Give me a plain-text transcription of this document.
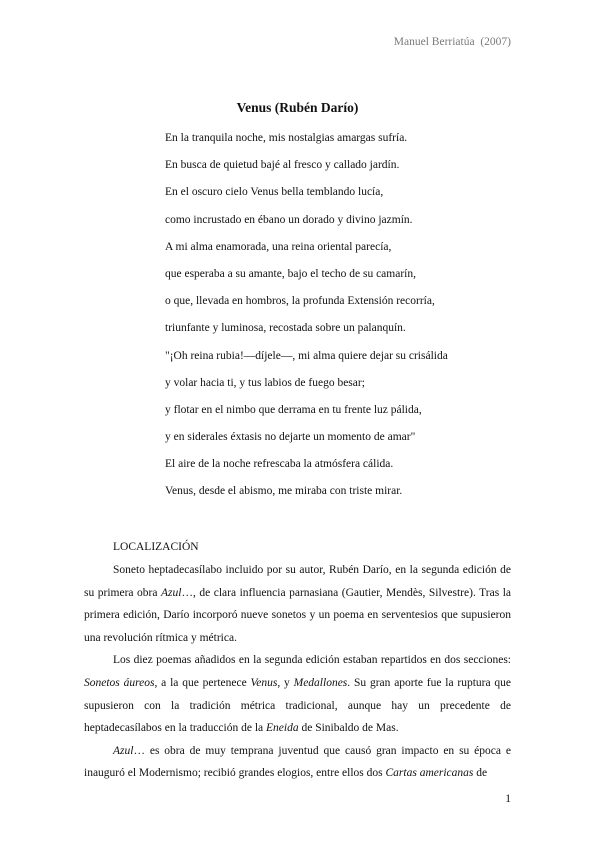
Manuel Berriatúa  (2007)
Venus (Rubén Darío)
En la tranquila noche, mis nostalgias amargas sufría.
En busca de quietud bajé al fresco y callado jardín.
En el oscuro cielo Venus bella temblando lucía,
como incrustado en ébano un dorado y divino jazmín.
A mi alma enamorada, una reina oriental parecía,
que esperaba a su amante, bajo el techo de su camarín,
o que, llevada en hombros, la profunda Extensión recorría,
triunfante y luminosa, recostada sobre un palanquín.
"¡Oh reina rubia!—díjele—, mi alma quiere dejar su crisálida
y volar hacia ti, y tus labios de fuego besar;
y flotar en el nimbo que derrama en tu frente luz pálida,
y en siderales éxtasis no dejarte un momento de amar"
El aire de la noche refrescaba la atmósfera cálida.
Venus, desde el abismo, me miraba con triste mirar.
LOCALIZACIÓN

Soneto heptadecasílabo incluido por su autor, Rubén Darío, en la segunda edición de su primera obra Azul…, de clara influencia parnasiana (Gautier, Mendès, Silvestre). Tras la primera edición, Darío incorporó nueve sonetos y un poema en serventesios que supusieron una revolución rítmica y métrica.

Los diez poemas añadidos en la segunda edición estaban repartidos en dos secciones: Sonetos áureos, a la que pertenece Venus, y Medallones. Su gran aporte fue la ruptura que supusieron con la tradición métrica tradicional, aunque hay un precedente de heptadecasílabos en la traducción de la Eneida de Sinibaldo de Mas.

Azul… es obra de muy temprana juventud que causó gran impacto en su época e inauguró el Modernismo; recibió grandes elogios, entre ellos dos Cartas americanas de

1
